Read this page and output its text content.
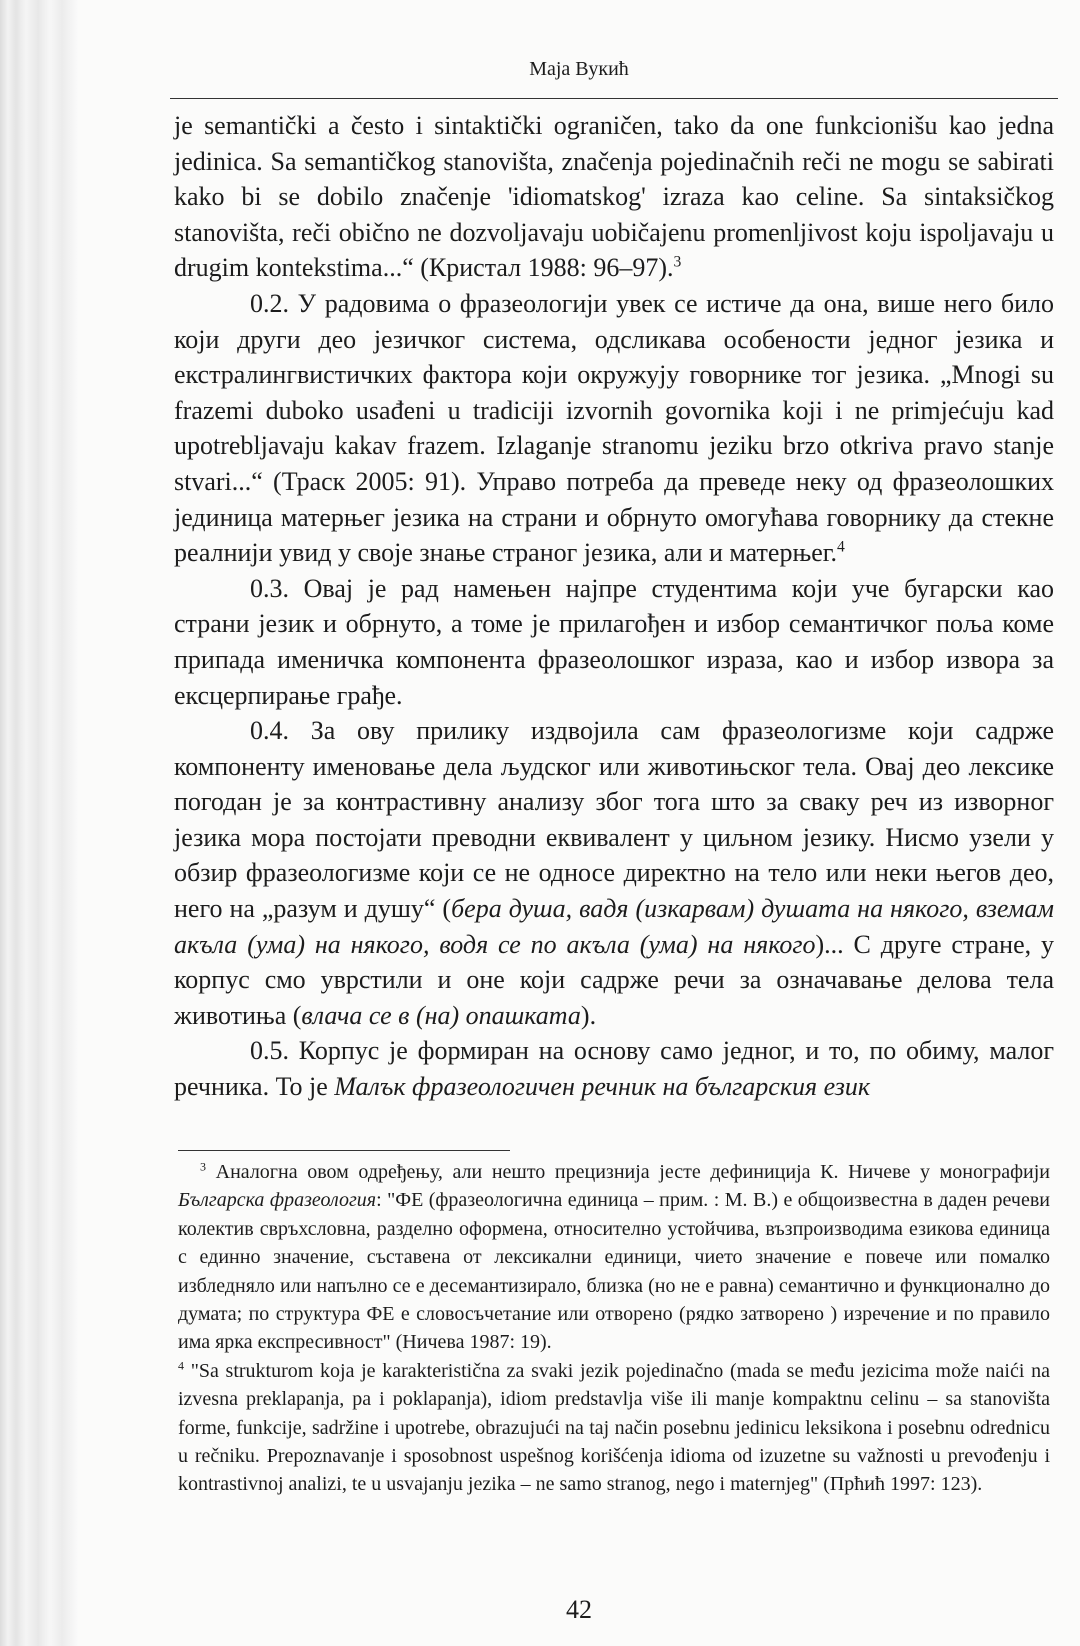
Маја Вукић

је semantički a često i sintaktički ograničen, tako da one funkcionišu kao jedna jedinica. Sa semantičkog stanovišta, značenja pojedinačnih reči ne mogu se sabirati kako bi se dobilo značenje 'idiomatskog' izraza kao celine. Sa sintaksičkog stanovišta, reči obično ne dozvoljavaju uobičajenu promenljivost koju ispoljavaju u drugim kontekstima...“ (Кристал 1988: 96–97).$^3$

0.2. У радовима о фразеологији увек се истиче да она, више него било који други део језичког система, одсликава особености једног језика и екстралингвистичких фактора који окружују говорнике тог језика. „Mnogi su frazemi duboko usađeni u tradiciji izvornih govornika koji i ne primjećuju kad upotrebljavaju kakav frazem. Izlaganje stranomu jeziku brzo otkriva pravo stanje stvari...“ (Траск 2005: 91). Управо потреба да преведе неку од фразеолошких јединица матерњег језика на страни и обрнуто омогућава говорнику да стекне реалнији увид у своје знање страног језика, али и матерњег.$^4$

0.3. Овај је рад намењен најпре студентима који уче бугарски као страни језик и обрнуто, а томе је прилагођен и избор семантичког поља коме припада именичка компонента фразеолошког израза, као и избор извора за ексцерпирање грађе.

0.4. За ову прилику издвојила сам фразеологизме који садрже компоненту именовање дела људског или животињског тела. Овај део лексике погодан је за контрастивну анализу због тога што за сваку реч из изворног језика мора постојати преводни еквивалент у циљном језику. Нисмо узели у обзир фразеологизме који се не односе директно на тело или неки његов део, него на „разум и душу“ (бера душа, вадя (изкарвам) душата на някого, вземам акъла (ума) на някого, водя се по акъла (ума) на някого)... С друге стране, у корпус смо уврстили и оне који садрже речи за означавање делова тела животиња (влача се в (на) опашката).

0.5. Корпус је формиран на основу само једног, и то, по обиму, малог речника. То је Малък фразеологичен речник на българския език

$^3$ Аналогна овом одређењу, али нешто прецизнија јесте дефиниција К. Ничеве у монографији Българска фразеология: "ФЕ (фразеологична единица – прим. : М. В.) е общоизвестна в даден речеви колектив свръхсловна, разделно оформена, относително устойчива, възпроизводима езикова единица с единно значение, съставена от лексикални единици, чието значение е повече или помалко избледняло или напълно се е десемантизирало, близка (но не е равна) семантично и функционално до думата; по структура ФЕ е словосъчетание или отворено (рядко затворено ) изречение и по правило има ярка експресивност" (Ничева 1987: 19).

$^4$ "Sa strukturom koja je karakteristična za svaki jezik pojedinačno (mada se među jezicima može naići na izvesna preklapanja, pa i poklapanja), idiom predstavlja više ili manje kompaktnu celinu – sa stanovišta forme, funkcije, sadržine i upotrebe, obrazujući na taj način posebnu jedinicu leksikona i posebnu odrednicu u rečniku. Prepoznavanje i sposobnost uspešnog korišćenja idioma od izuzetne su važnosti u prevođenju i kontrastivnoj analizi, te u usvajanju jezika – ne samo stranog, nego i maternjeg" (Прћић 1997: 123).

42
